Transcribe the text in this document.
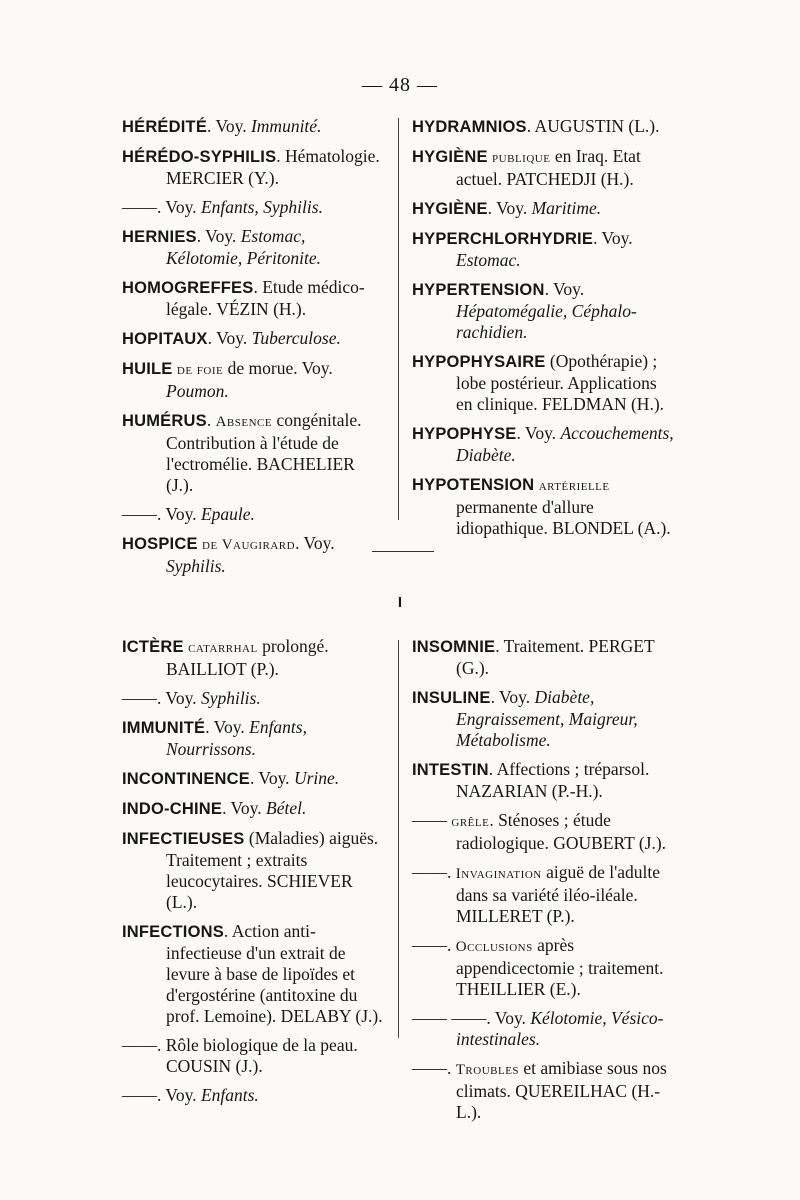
— 48 —
HÉRÉDITÉ. Voy. Immunité.
HÉRÉDO-SYPHILIS. Hématologie. MERCIER (Y.).
——. Voy. Enfants, Syphilis.
HERNIES. Voy. Estomac, Kélotomie, Péritonite.
HOMOGREFFES. Etude médico-légale. VÉZIN (H.).
HOPITAUX. Voy. Tuberculose.
HUILE de foie de morue. Voy. Poumon.
HUMÉRUS. Absence congénitale. Contribution à l'étude de l'ectromélie. BACHELIER (J.).
——. Voy. Epaule.
HOSPICE de Vaugirard. Voy. Syphilis.
HYDRAMNIOS. AUGUSTIN (L.).
HYGIÈNE publique en Iraq. Etat actuel. PATCHEDJI (H.).
HYGIÈNE. Voy. Maritime.
HYPERCHLORHYDRIE. Voy. Estomac.
HYPERTENSION. Voy. Hépatomégalie, Céphalo-rachidien.
HYPOPHYSAIRE (Opothérapie) ; lobe postérieur. Applications en clinique. FELDMAN (H.).
HYPOPHYSE. Voy. Accouchements, Diabète.
HYPOTENSION artérielle permanente d'allure idiopathique. BLONDEL (A.).
I
ICTÈRE catarrhal prolongé. BAILLIOT (P.).
——. Voy. Syphilis.
IMMUNITÉ. Voy. Enfants, Nourrissons.
INCONTINENCE. Voy. Urine.
INDO-CHINE. Voy. Bétel.
INFECTIEUSES (Maladies) aiguës. Traitement ; extraits leucocytaires. SCHIEVER (L.).
INFECTIONS. Action anti-infectieuse d'un extrait de levure à base de lipoïdes et d'ergostérine (antitoxine du prof. Lemoine). DELABY (J.).
——. Rôle biologique de la peau. COUSIN (J.).
——. Voy. Enfants.
INSOMNIE. Traitement. PERGET (G.).
INSULINE. Voy. Diabète, Engraissement, Maigreur, Métabolisme.
INTESTIN. Affections ; tréparsol. NAZARIAN (P.-H.).
—— grêle. Sténoses ; étude radiologique. GOUBERT (J.).
——. Invagination aiguë de l'adulte dans sa variété iléo-iléale. MILLERET (P.).
——. Occlusions après appendicectomie ; traitement. THEILLIER (E.).
—— ——. Voy. Kélotomie, Vésico-intestinales.
——. Troubles et amibiase sous nos climats. QUEREILHAC (H.-L.).
